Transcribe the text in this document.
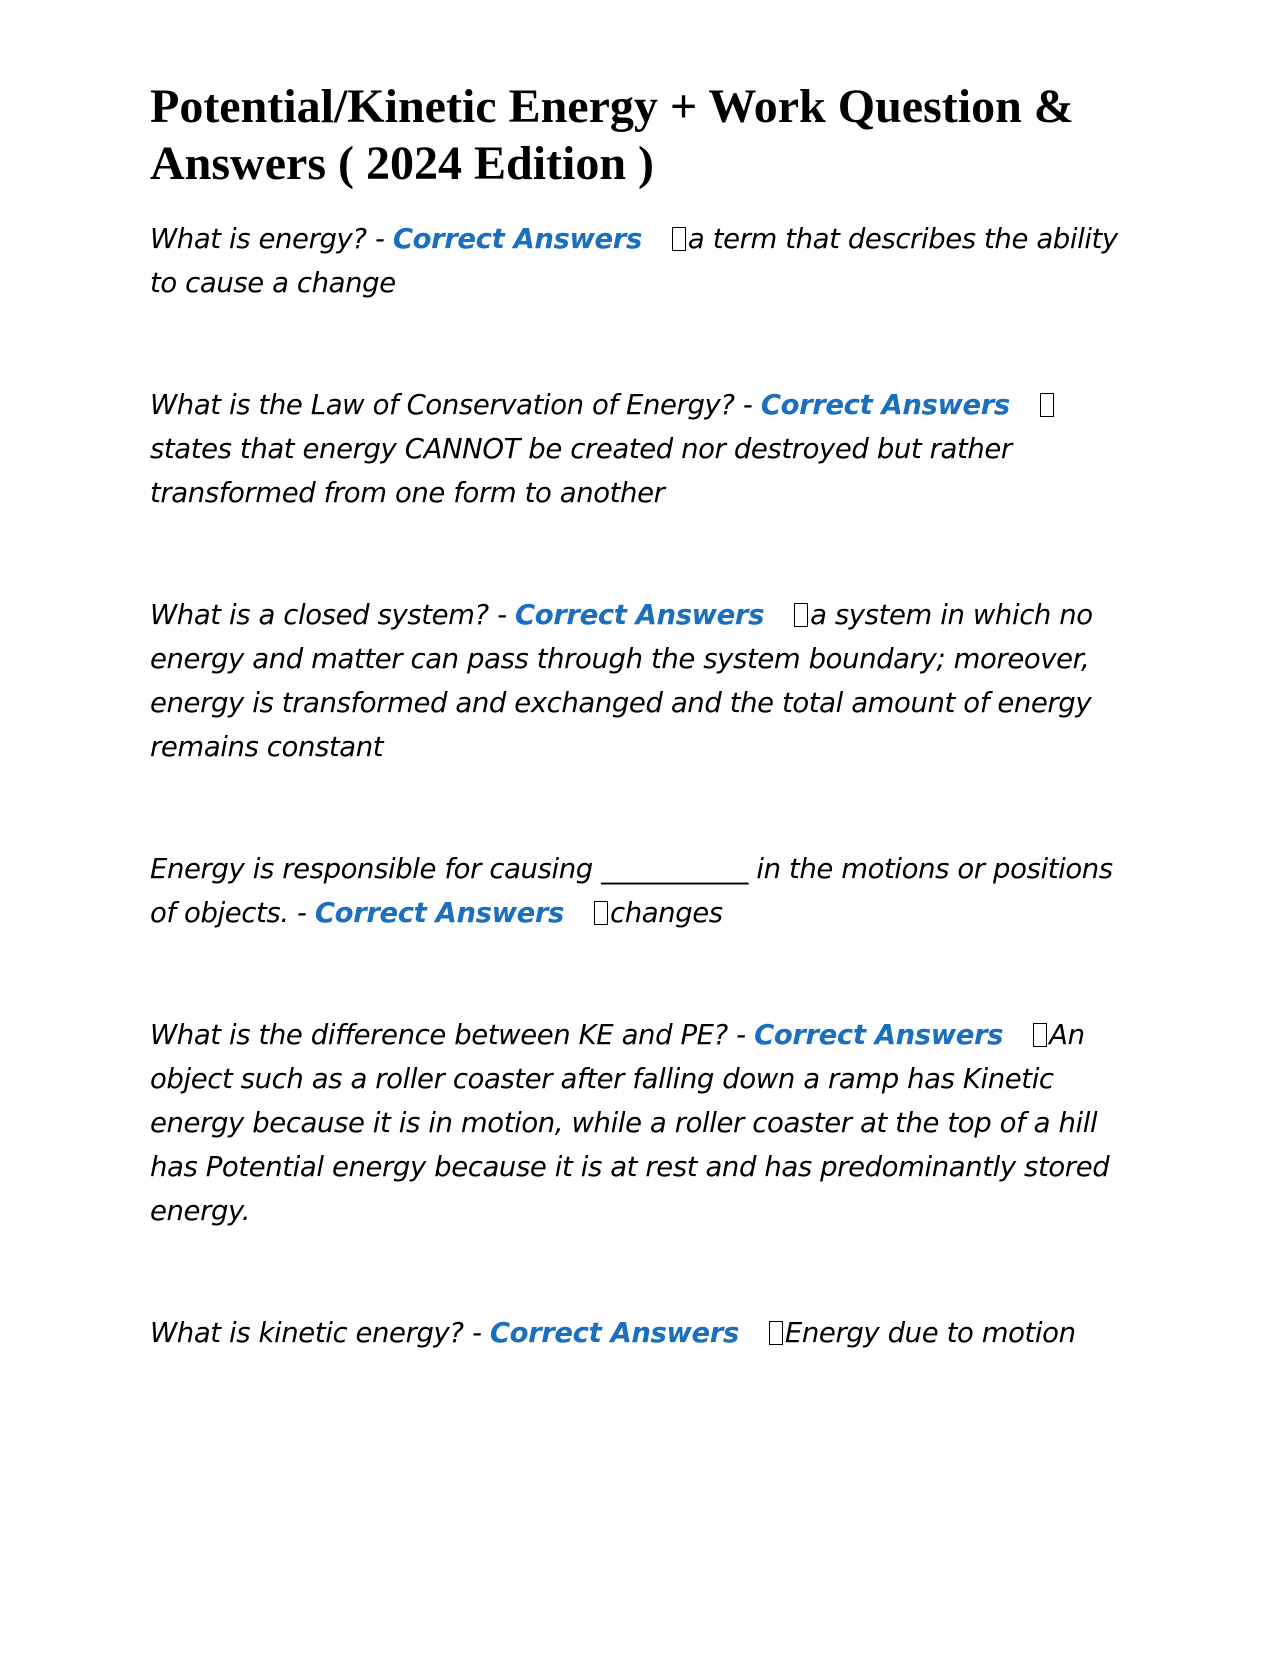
Potential/Kinetic Energy + Work Question & Answers ( 2024 Edition )

What is energy? - Correct Answers a term that describes the ability to cause a change

What is the Law of Conservation of Energy? - Correct Answersstates that energy CANNOT be created nor destroyed but rather transformed from one form to another

What is a closed system? - Correct Answers a system in which no energy and matter can pass through the system boundary; moreover, energy is transformed and exchanged and the total amount of energy remains constant

Energy is responsible for causing ___________ in the motions or positions of objects. - Correct Answers changes

What is the difference between KE and PE? - Correct Answers An object such as a roller coaster after falling down a ramp has Kinetic energy because it is in motion, while a roller coaster at the top of a hill has Potential energy because it is at rest and has predominantly stored energy.

What is kinetic energy? - Correct Answers Energy due to motion
